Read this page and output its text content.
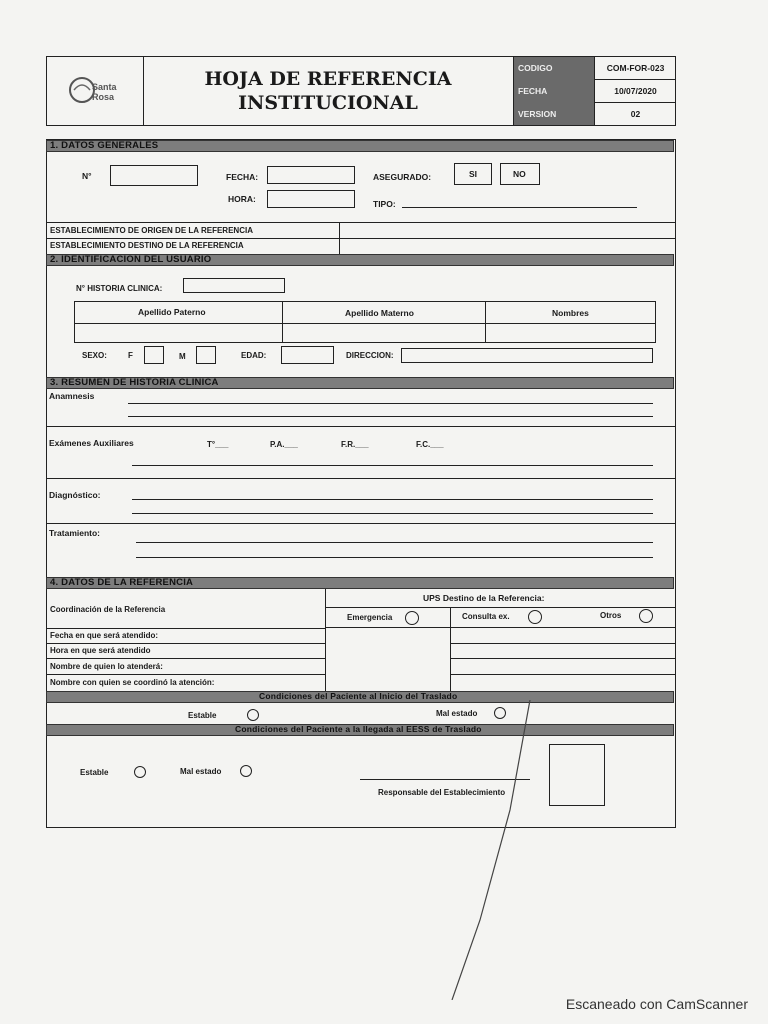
Santa Rosa
HOJA DE REFERENCIA
INSTITUCIONAL
CODIGO	COM-FOR-023
FECHA	10/07/2020
VERSION	02
1. DATOS GENERALES
N°	FECHA:
HORA:
ASEGURADO:	SI	NO
TIPO:
ESTABLECIMIENTO DE ORIGEN DE LA REFERENCIA
ESTABLECIMIENTO DESTINO DE LA REFERENCIA
2. IDENTIFICACION DEL USUARIO
N° HISTORIA CLINICA:
Apellido Paterno	Apellido Materno	Nombres
SEXO:	F	M	EDAD:	DIRECCION:
3. RESUMEN DE HISTORIA CLINICA
Anamnesis
Exámenes Auxiliares	T°___	P.A.___	F.R.___	F.C.___
Diagnóstico:
Tratamiento:
4. DATOS DE LA REFERENCIA
Coordinación de la Referencia
UPS Destino de la Referencia:
Emergencia	Consulta ex.	Otros
Fecha en que será atendido:
Hora en que será atendido
Nombre de quien lo atenderá:
Nombre con quien se coordinó la atención:
Condiciones del Paciente al Inicio del Traslado
Estable	Mal estado
Condiciones del Paciente a la llegada al EESS de Traslado
Estable	Mal estado
Responsable del Establecimiento
Escaneado con CamScanner
